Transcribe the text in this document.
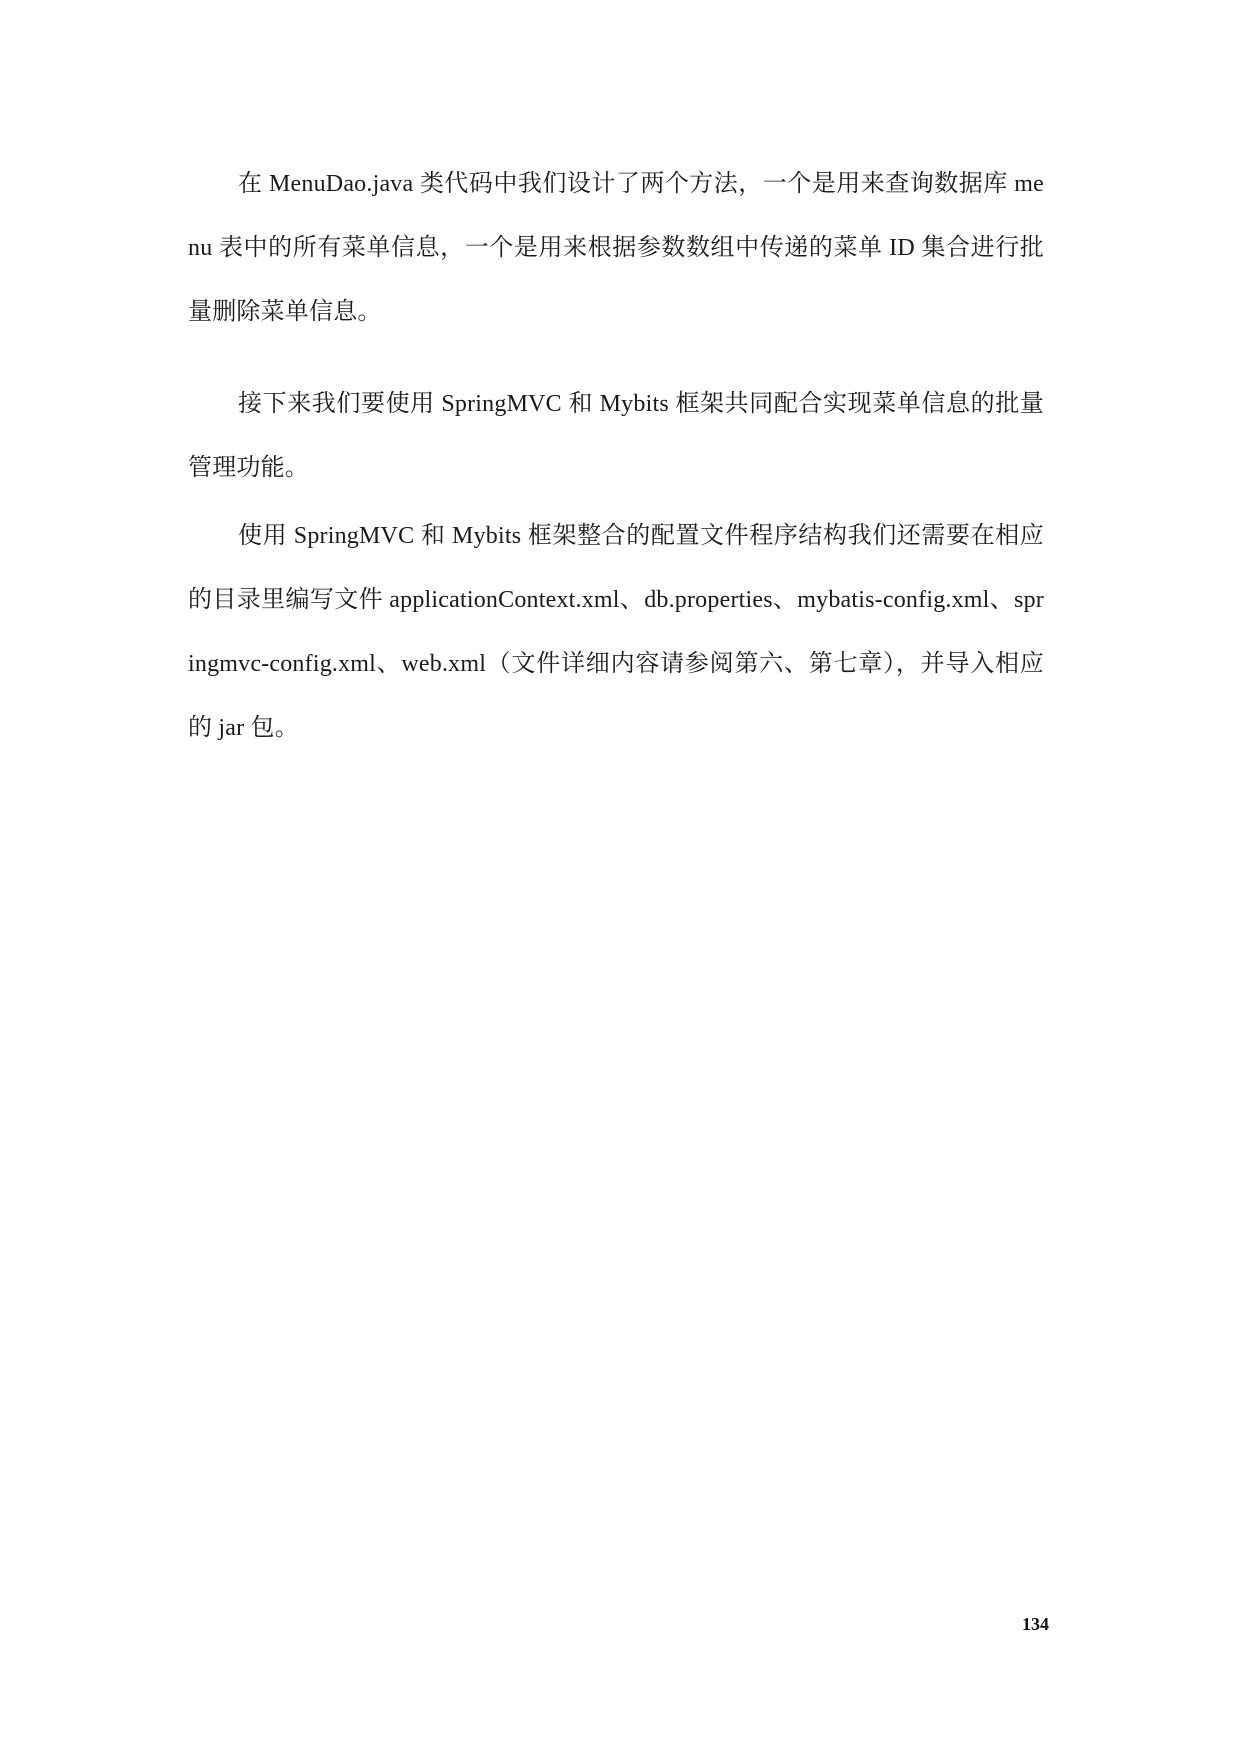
在 MenuDao.java 类代码中我们设计了两个方法，一个是用来查询数据库 menu 表中的所有菜单信息，一个是用来根据参数数组中传递的菜单 ID 集合进行批量删除菜单信息。

接下来我们要使用 SpringMVC 和 Mybits 框架共同配合实现菜单信息的批量管理功能。

使用 SpringMVC 和 Mybits 框架整合的配置文件程序结构我们还需要在相应的目录里编写文件 applicationContext.xml、db.properties、mybatis-config.xml、springmvc-config.xml、web.xml（文件详细内容请参阅第六、第七章），并导入相应的 jar 包。

134
